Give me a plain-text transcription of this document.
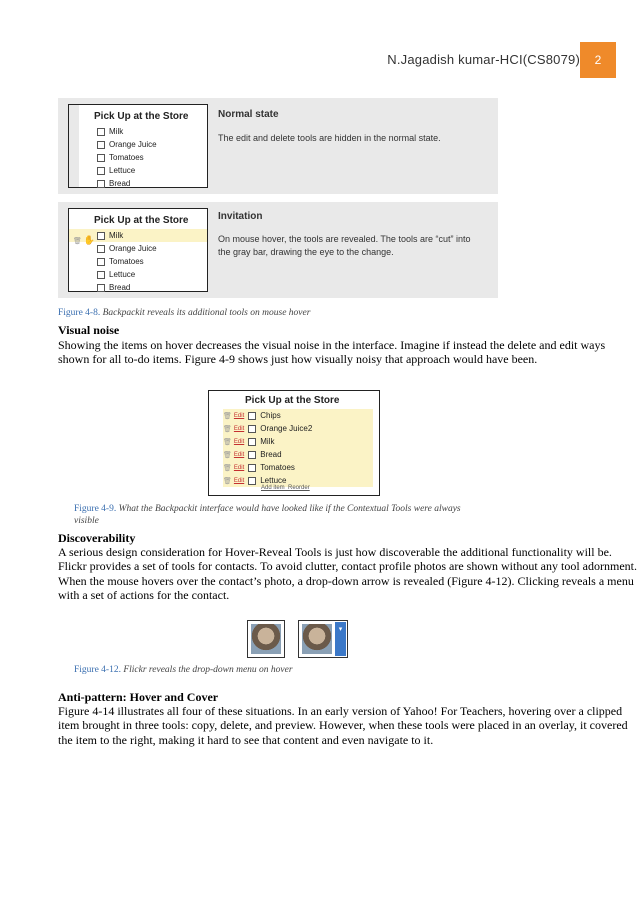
N.Jagadish kumar-HCI(CS8079)	2
Pick Up at the Store
Milk
Orange Juice
Tomatoes
Lettuce
Bread
Normal state
The edit and delete tools are hidden in the normal state.
Pick Up at the Store
🗑 ✋ Milk
Orange Juice
Tomatoes
Lettuce
Bread
Invitation
On mouse hover, the tools are revealed. The tools are “cut” into
the gray bar, drawing the eye to the change.
Figure 4-8. Backpackit reveals its additional tools on mouse hover
Visual noise
Showing the items on hover decreases the visual noise in the interface. Imagine if instead the delete and edit ways shown for all to-do items. Figure 4-9 shows just how visually noisy that approach would have been.
Pick Up at the Store
🗑 Edit Chips
🗑 Edit Orange Juice2
🗑 Edit Milk
🗑 Edit Bread
🗑 Edit Tomatoes
🗑 Edit Lettuce
Add item  Reorder
Figure 4-9. What the Backpackit interface would have looked like if the Contextual Tools were always
visible
Discoverability
A serious design consideration for Hover-Reveal Tools is just how discoverable the additional functionality will be. Flickr provides a set of tools for contacts. To avoid clutter, contact profile photos are shown without any tool adornment. When the mouse hovers over the contact’s photo, a drop-down arrow is revealed (Figure 4-12). Clicking reveals a menu with a set of actions for the contact.
▾
Figure 4-12. Flickr reveals the drop-down menu on hover
Anti-pattern: Hover and Cover
Figure 4-14 illustrates all four of these situations. In an early version of Yahoo! For Teachers, hovering over a clipped item brought in three tools: copy, delete, and preview. However, when these tools were placed in an overlay, it covered the item to the right, making it hard to see that content and even navigate to it.
